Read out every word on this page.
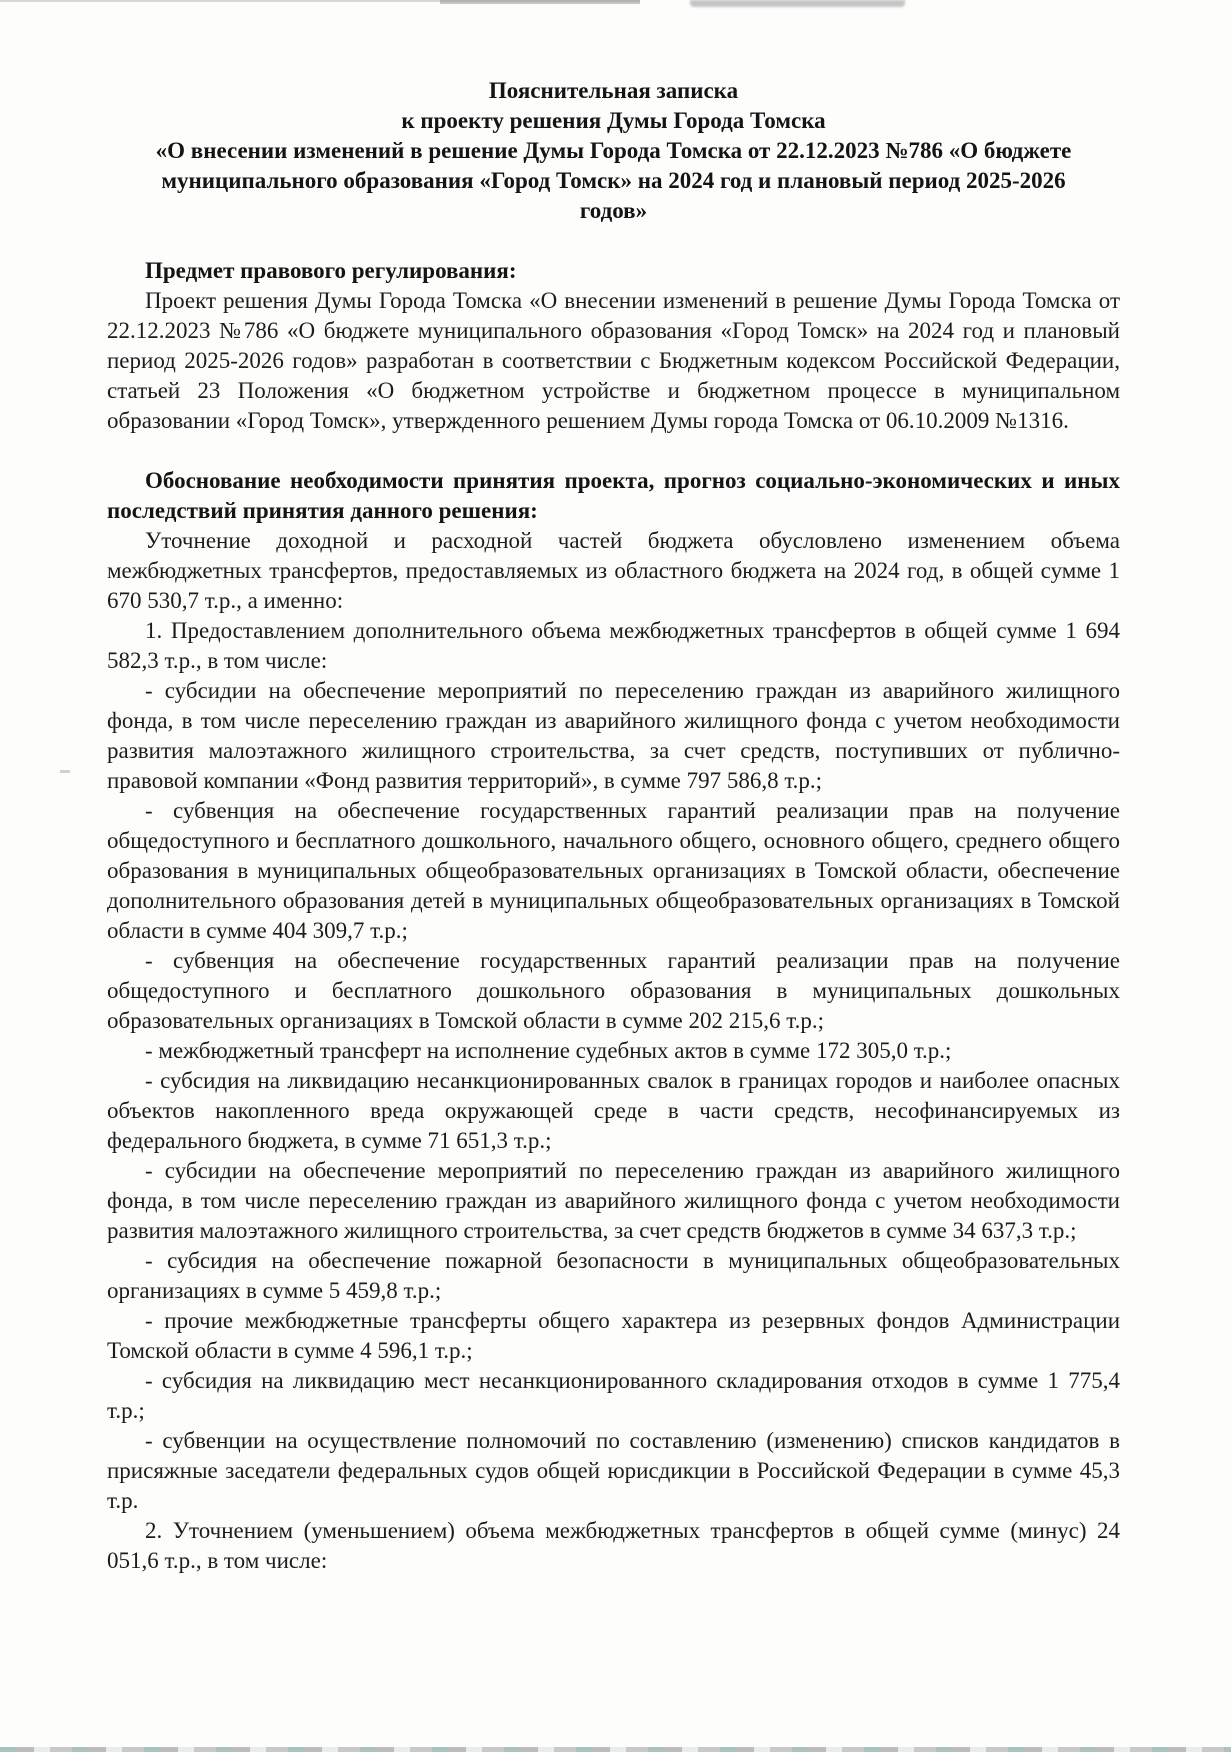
Пояснительная записка
к проекту решения Думы Города Томска
«О внесении изменений в решение Думы Города Томска от 22.12.2023 №786 «О бюджете
муниципального образования «Город Томск» на 2024 год и плановый период 2025-2026
годов»

Предмет правового регулирования:

Проект решения Думы Города Томска «О внесении изменений в решение Думы Города Томска от 22.12.2023 №786 «О бюджете муниципального образования «Город Томск» на 2024 год и плановый период 2025-2026 годов» разработан в соответствии с Бюджетным кодексом Российской Федерации, статьей 23 Положения «О бюджетном устройстве и бюджетном процессе в муниципальном образовании «Город Томск», утвержденного решением Думы города Томска от 06.10.2009 №1316.

Обоснование необходимости принятия проекта, прогноз социально-экономических и иных последствий принятия данного решения:

Уточнение доходной и расходной частей бюджета обусловлено изменением объема межбюджетных трансфертов, предоставляемых из областного бюджета на 2024 год, в общей сумме 1 670 530,7 т.р., а именно:

1. Предоставлением дополнительного объема межбюджетных трансфертов в общей сумме 1 694 582,3 т.р., в том числе:

- субсидии на обеспечение мероприятий по переселению граждан из аварийного жилищного фонда, в том числе переселению граждан из аварийного жилищного фонда с учетом необходимости развития малоэтажного жилищного строительства, за счет средств, поступивших от публично-правовой компании «Фонд развития территорий», в сумме 797 586,8 т.р.;

- субвенция на обеспечение государственных гарантий реализации прав на получение общедоступного и бесплатного дошкольного, начального общего, основного общего, среднего общего образования в муниципальных общеобразовательных организациях в Томской области, обеспечение дополнительного образования детей в муниципальных общеобразовательных организациях в Томской области в сумме 404 309,7 т.р.;

- субвенция на обеспечение государственных гарантий реализации прав на получение общедоступного и бесплатного дошкольного образования в муниципальных дошкольных образовательных организациях в Томской области в сумме 202 215,6 т.р.;

- межбюджетный трансферт на исполнение судебных актов в сумме 172 305,0 т.р.;

- субсидия на ликвидацию несанкционированных свалок в границах городов и наиболее опасных объектов накопленного вреда окружающей среде в части средств, несофинансируемых из федерального бюджета, в сумме 71 651,3 т.р.;

- субсидии на обеспечение мероприятий по переселению граждан из аварийного жилищного фонда, в том числе переселению граждан из аварийного жилищного фонда с учетом необходимости развития малоэтажного жилищного строительства, за счет средств бюджетов в сумме 34 637,3 т.р.;

- субсидия на обеспечение пожарной безопасности в муниципальных общеобразовательных организациях в сумме 5 459,8 т.р.;

- прочие межбюджетные трансферты общего характера из резервных фондов Администрации Томской области в сумме 4 596,1 т.р.;

- субсидия на ликвидацию мест несанкционированного складирования отходов в сумме 1 775,4 т.р.;

- субвенции на осуществление полномочий по составлению (изменению) списков кандидатов в присяжные заседатели федеральных судов общей юрисдикции в Российской Федерации в сумме 45,3 т.р.

2. Уточнением (уменьшением) объема межбюджетных трансфертов в общей сумме (минус) 24 051,6 т.р., в том числе:
